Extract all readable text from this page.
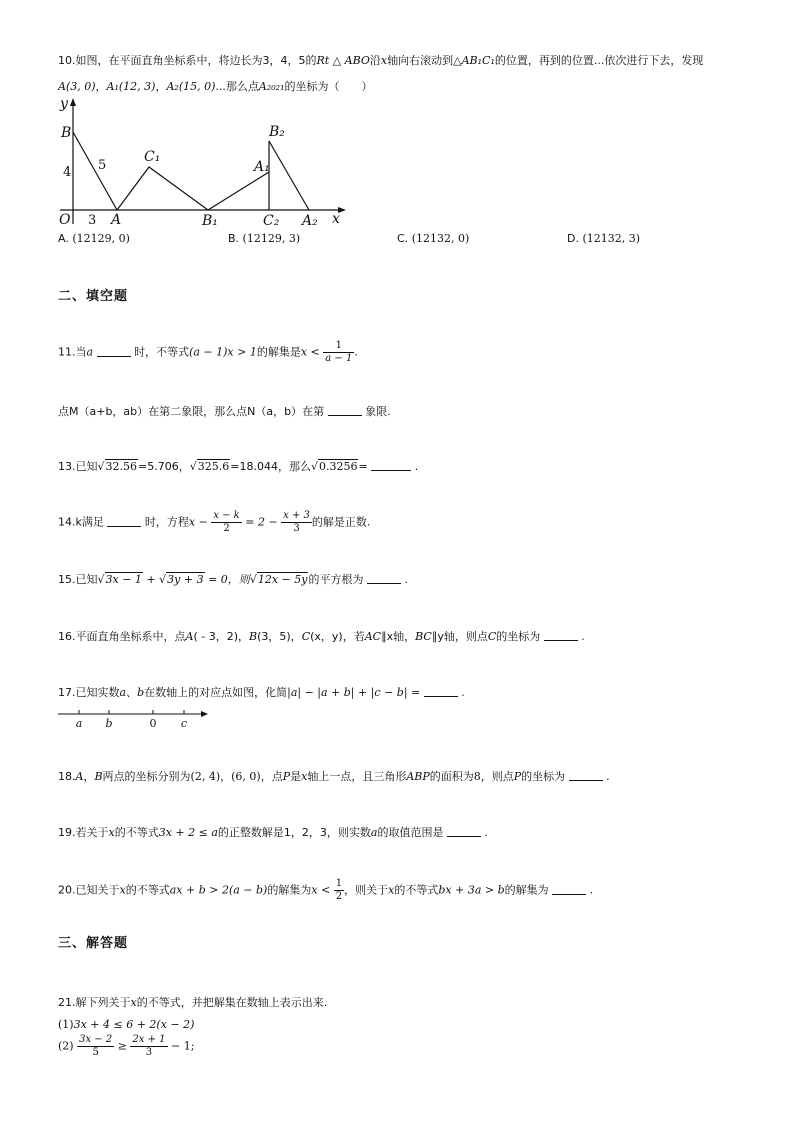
10.如图，在平面直角坐标系中，将边长为3，4，5的Rt △ ABO沿x轴向右滚动到△AB₁C₁的位置，再到的位置...依次进行下去，发现
A(3, 0)，A₁(12, 3)，A₂(15, 0)...那么点A₂₀₂₁的坐标为（　　）
y
B
5
4
C₁
B₂
A₁
O 3 A	B₁	C₂ A₂ x
A. (12129, 0)	B. (12129, 3)	C. (12132, 0)	D. (12132, 3)
二、填空题
11.当a	时，不等式(a − 1)x > 1的解集是$x < \frac{1}{a - 1}$ .
点M（a+b，ab）在第二象限，那么点N（a，b）在第	象限.
13.已知√32.56=5.706，√325.6=18.044，那么√0.3256=	.
14.k满足	时，方程$x - \frac{x - k}{2} = 2 - \frac{x + 3}{3}$ 的解是正数.
15.已知√3x − 1 + √3y + 3 = 0，则√12x − 5y的平方根为	.
16.平面直角坐标系中，点A( - 3，2)，B(3，5)，C(x，y)，若AC∥x轴，BC∥y轴，则点C的坐标为	.
17.已知实数a、b在数轴上的对应点如图，化简|a| − |a + b| + |c − b| =	.
a b	0 c
18.A，B两点的坐标分别为(2, 4)，(6, 0)，点P是x轴上一点，且三角形ABP的面积为8，则点P的坐标为	.
19.若关于x的不等式3x + 2 ≤ a的正整数解是1，2，3，则实数a的取值范围是	.
20.已知关于x的不等式ax + b > 2(a − b)的解集为$x < \frac{1}{2}$ ，则关于x的不等式bx + 3a > b的解集为	.
三、解答题
21.解下列关于x的不等式，并把解集在数轴上表示出来.
(1)3x + 4 ≤ 6 + 2(x − 2)
$(2) \frac{3x - 2}{5} \ge \frac{2x + 1}{3} - 1$;
